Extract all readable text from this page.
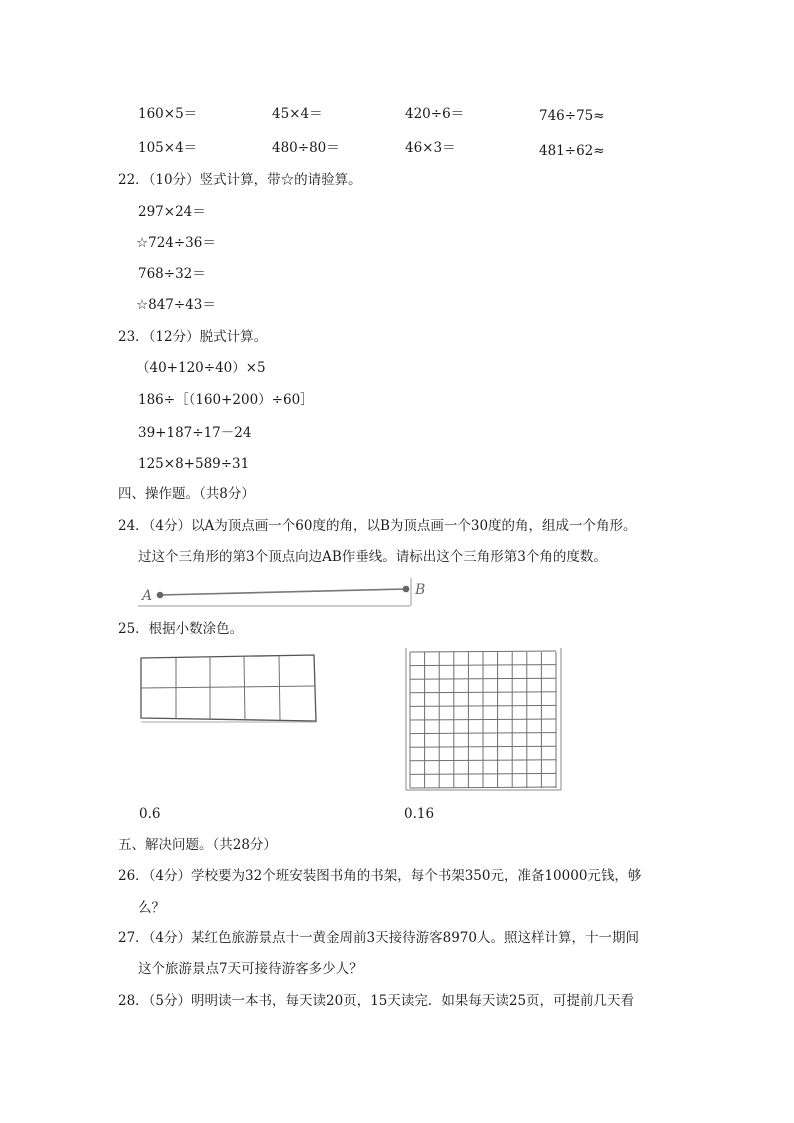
160×5＝	45×4＝	420÷6＝	746÷75≈
105×4＝	480÷80＝	46×3＝	481÷62≈
22．（10分）竖式计算，带☆的请验算。
297×24＝
☆724÷36＝
768÷32＝
☆847÷43＝
23．（12分）脱式计算。
（40+120÷40）×5
186÷［（160+200）÷60］
39+187÷17－24
125×8+589÷31
四、操作题。（共8分）
24．（4分）以A为顶点画一个60度的角，以B为顶点画一个30度的角，组成一个角形。
过这个三角形的第3个顶点向边AB作垂线。请标出这个三角形第3个角的度数。
A	B
25．根据小数涂色。
0.6	0.16
五、解决问题。（共28分）
26．（4分）学校要为32个班安装图书角的书架，每个书架350元，准备10000元钱，够
么？
27．（4分）某红色旅游景点十一黄金周前3天接待游客8970人。照这样计算，十一期间
这个旅游景点7天可接待游客多少人？
28．（5分）明明读一本书，每天读20页，15天读完．如果每天读25页，可提前几天看
